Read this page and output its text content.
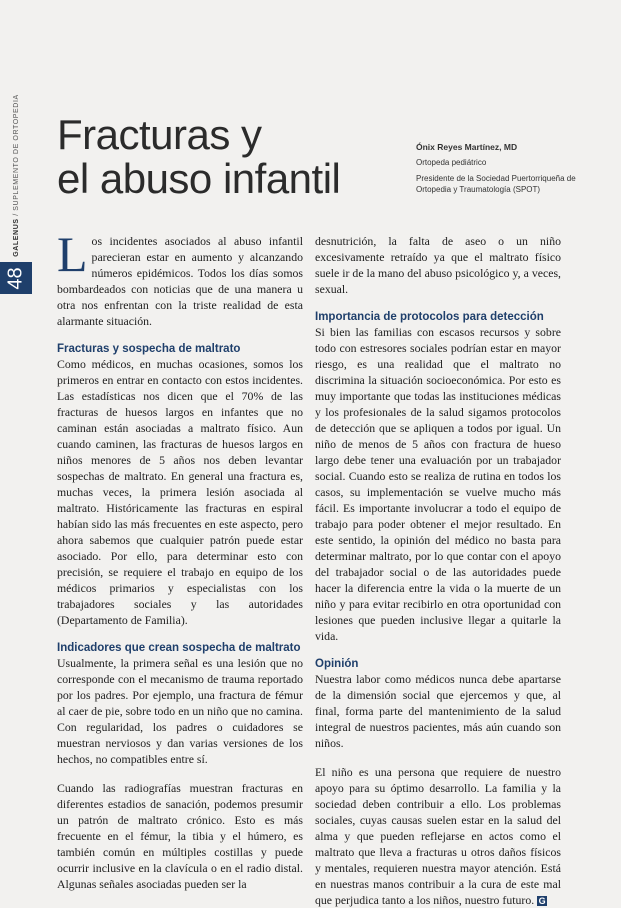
48
GALENUS / SUPLEMENTO DE ORTOPEDIA Fracturas y
el abuso infantil
Ónix Reyes Martínez, MD
Ortopeda pediátrico
Presidente de la Sociedad Puertorriqueña de Ortopedia y Traumatología (SPOT)

Los incidentes asociados al abuso infantil parecieran estar en aumento y alcanzando números epidémicos. Todos los días somos bombardeados con noticias que de una manera u otra nos enfrentan con la triste realidad de esta alarmante situación.

Fracturas y sospecha de maltrato

Como médicos, en muchas ocasiones, somos los primeros en entrar en contacto con estos incidentes. Las estadísticas nos dicen que el 70% de las fracturas de huesos largos en infantes que no caminan están asociadas a maltrato físico. Aun cuando caminen, las fracturas de huesos largos en niños menores de 5 años nos deben levantar sospechas de maltrato. En general una fractura es, muchas veces, la primera lesión asociada al maltrato. Históricamente las fracturas en espiral habían sido las más frecuentes en este aspecto, pero ahora sabemos que cualquier patrón puede estar asociado. Por ello, para determinar esto con precisión, se requiere el trabajo en equipo de los médicos primarios y especialistas con los trabajadores sociales y las autoridades (Departamento de Familia).

Indicadores que crean sospecha de maltrato

Usualmente, la primera señal es una lesión que no corresponde con el mecanismo de trauma reportado por los padres. Por ejemplo, una fractura de fémur al caer de pie, sobre todo en un niño que no camina. Con regularidad, los padres o cuidadores se muestran nerviosos y dan varias versiones de los hechos, no compatibles entre sí.

Cuando las radiografías muestran fracturas en diferentes estadios de sanación, podemos presumir un patrón de maltrato crónico. Esto es más frecuente en el fémur, la tibia y el húmero, es también común en múltiples costillas y puede ocurrir inclusive en la clavícula o en el radio distal. Algunas señales asociadas pueden ser la

desnutrición, la falta de aseo o un niño excesivamente retraído ya que el maltrato físico suele ir de la mano del abuso psicológico y, a veces, sexual.

Importancia de protocolos para detección

Si bien las familias con escasos recursos y sobre todo con estresores sociales podrían estar en mayor riesgo, es una realidad que el maltrato no discrimina la situación socioeconómica. Por esto es muy importante que todas las instituciones médicas y los profesionales de la salud sigamos protocolos de detección que se apliquen a todos por igual. Un niño de menos de 5 años con fractura de hueso largo debe tener una evaluación por un trabajador social. Cuando esto se realiza de rutina en todos los casos, su implementación se vuelve mucho más fácil. Es importante involucrar a todo el equipo de trabajo para poder obtener el mejor resultado. En este sentido, la opinión del médico no basta para determinar maltrato, por lo que contar con el apoyo del trabajador social o de las autoridades puede hacer la diferencia entre la vida o la muerte de un niño y para evitar recibirlo en otra oportunidad con lesiones que pueden inclusive llegar a quitarle la vida.

Opinión

Nuestra labor como médicos nunca debe apartarse de la dimensión social que ejercemos y que, al final, forma parte del mantenimiento de la salud integral de nuestros pacientes, más aún cuando son niños.

El niño es una persona que requiere de nuestro apoyo para su óptimo desarrollo. La familia y la sociedad deben contribuir a ello. Los problemas sociales, cuyas causas suelen estar en la salud del alma y que pueden reflejarse en actos como el maltrato que lleva a fracturas u otros daños físicos y mentales, requieren nuestra mayor atención. Está en nuestras manos contribuir a la cura de este mal que perjudica tanto a los niños, nuestro futuro. G
